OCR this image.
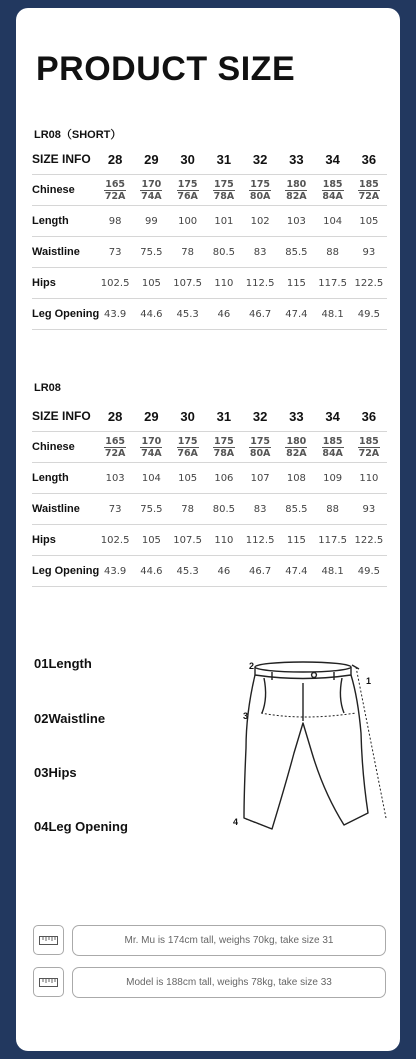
PRODUCT SIZE
LR08（SHORT）
SIZE INFO	28	29	30	31	32	33	34	36
Chinese	$\frac{165}{72A}$	$\frac{170}{74A}$	$\frac{175}{76A}$	$\frac{175}{78A}$	$\frac{175}{80A}$	$\frac{180}{82A}$	$\frac{185}{84A}$	$\frac{185}{72A}$

Length	98	99	100	101	102	103	104	105
Waistline	73	75.5	78	80.5	83	85.5	88	93
Hips	102.5	105	107.5	110	112.5	115	117.5	122.5
Leg Opening	43.9	44.6	45.3	46	46.7	47.4	48.1	49.5
LR08
SIZE INFO	28	29	30	31	32	33	34	36
Chinese	$\frac{165}{72A}$	$\frac{170}{74A}$	$\frac{175}{76A}$	$\frac{175}{78A}$	$\frac{175}{80A}$	$\frac{180}{82A}$	$\frac{185}{84A}$	$\frac{185}{72A}$

Length	103	104	105	106	107	108	109	110
Waistline	73	75.5	78	80.5	83	85.5	88	93
Hips	102.5	105	107.5	110	112.5	115	117.5	122.5
Leg Opening	43.9	44.6	45.3	46	46.7	47.4	48.1	49.5
01Length
02Waistline
03Hips
04Leg Opening
1
2
3
4
Mr. Mu is 174cm tall, weighs 70kg, take size 31
Model is 188cm tall, weighs 78kg, take size 33
